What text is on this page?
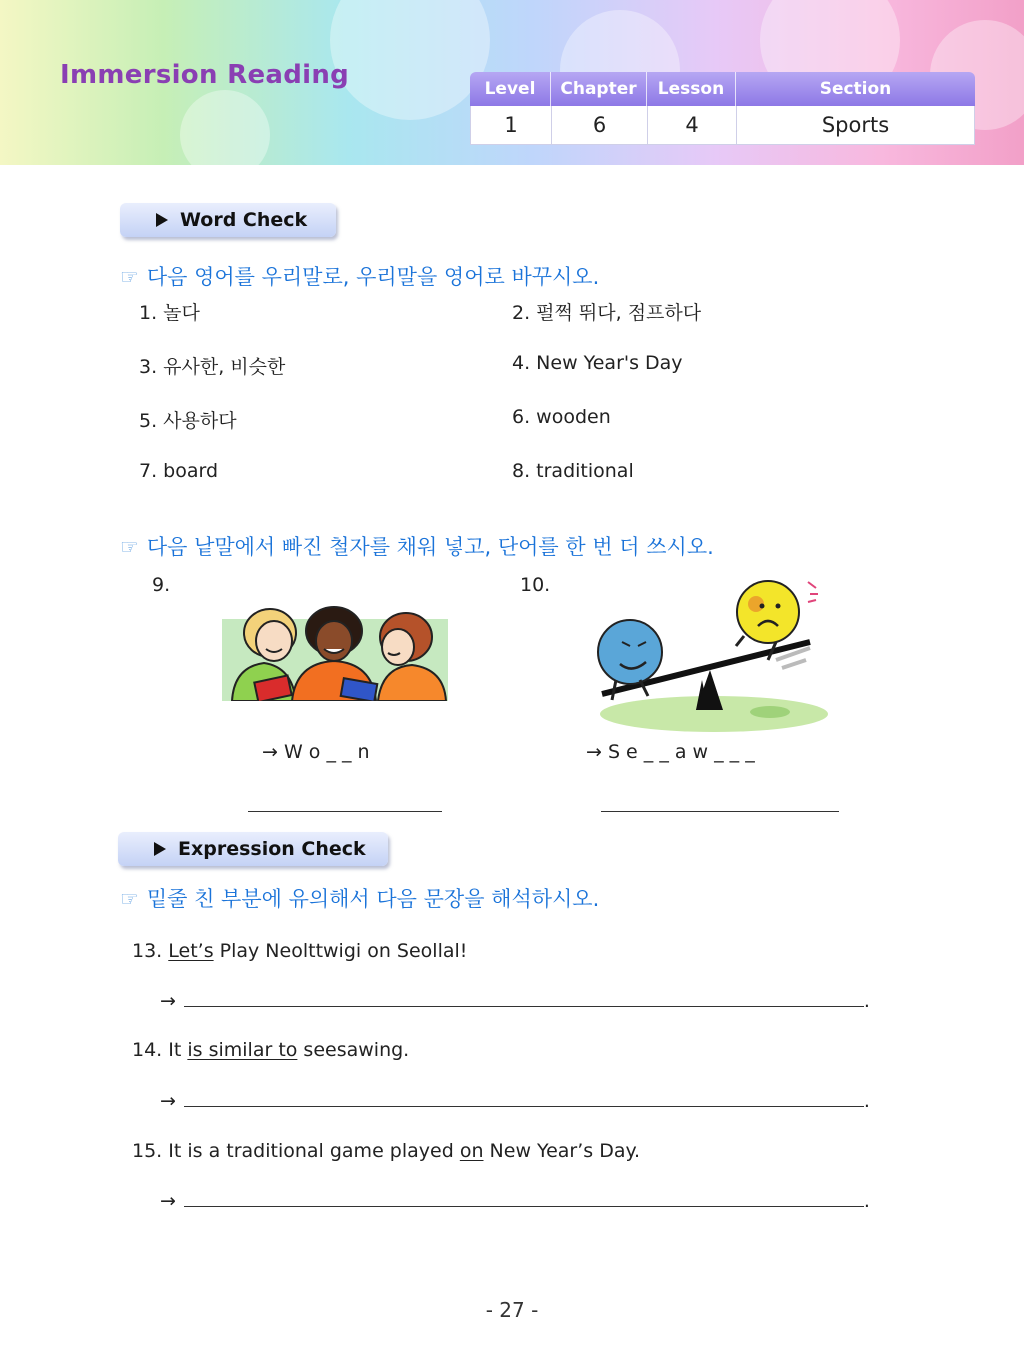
Immersion Reading	Level	Chapter	Lesson	Section
1	6	4	Sports
Word Check
☞ 다음 영어를 우리말로, 우리말을 영어로 바꾸시오.
1. 놀다	2. 펄쩍 뛰다, 점프하다
3. 유사한, 비슷한	4. New Year's Day
5. 사용하다	6. wooden
7. board	8. traditional
☞ 다음 낱말에서 빠진 철자를 채워 넣고, 단어를 한 번 더 쓰시오.
9.	10.
→ W o _ _ n	→ S e _ _ a w _ _ _
Expression Check
☞ 밑줄 친 부분에 유의해서 다음 문장을 해석하시오.
13. Let’s Play Neolttwigi on Seollal!
→	.
14. It is similar to seesawing.
→	.
15. It is a traditional game played on New Year’s Day.
→	.
- 27 -
